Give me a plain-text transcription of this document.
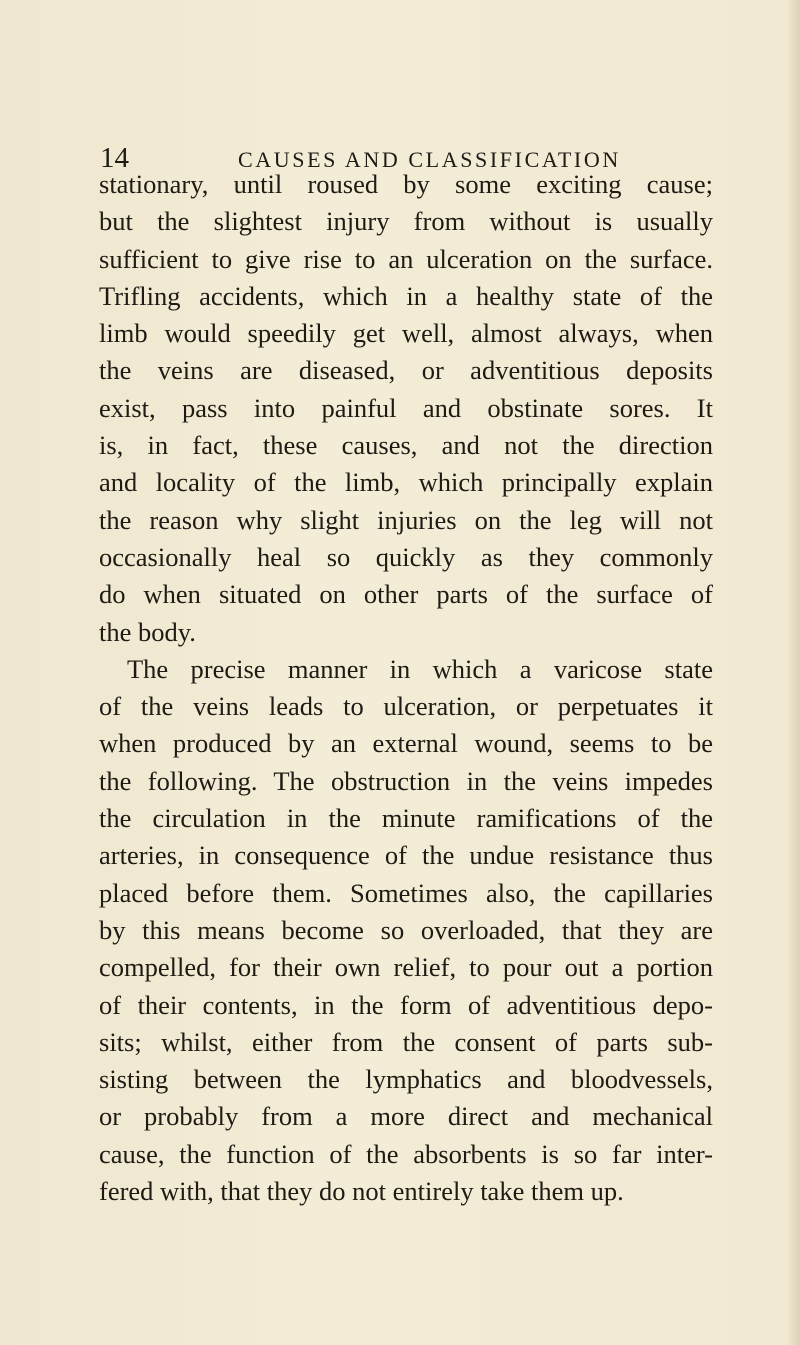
14	CAUSES AND CLASSIFICATION
stationary, until roused by some exciting cause;
but the slightest injury from without is usually
sufficient to give rise to an ulceration on the surface.
Trifling accidents, which in a healthy state of the
limb would speedily get well, almost always, when
the veins are diseased, or adventitious deposits
exist, pass into painful and obstinate sores. It
is, in fact, these causes, and not the direction
and locality of the limb, which principally explain
the reason why slight injuries on the leg will not
occasionally heal so quickly as they commonly
do when situated on other parts of the surface of
the body.
The precise manner in which a varicose state
of the veins leads to ulceration, or perpetuates it
when produced by an external wound, seems to be
the following. The obstruction in the veins impedes
the circulation in the minute ramifications of the
arteries, in consequence of the undue resistance thus
placed before them. Sometimes also, the capillaries
by this means become so overloaded, that they are
compelled, for their own relief, to pour out a portion
of their contents, in the form of adventitious depo-
sits; whilst, either from the consent of parts sub-
sisting between the lymphatics and bloodvessels,
or probably from a more direct and mechanical
cause, the function of the absorbents is so far inter-
fered with, that they do not entirely take them up.
